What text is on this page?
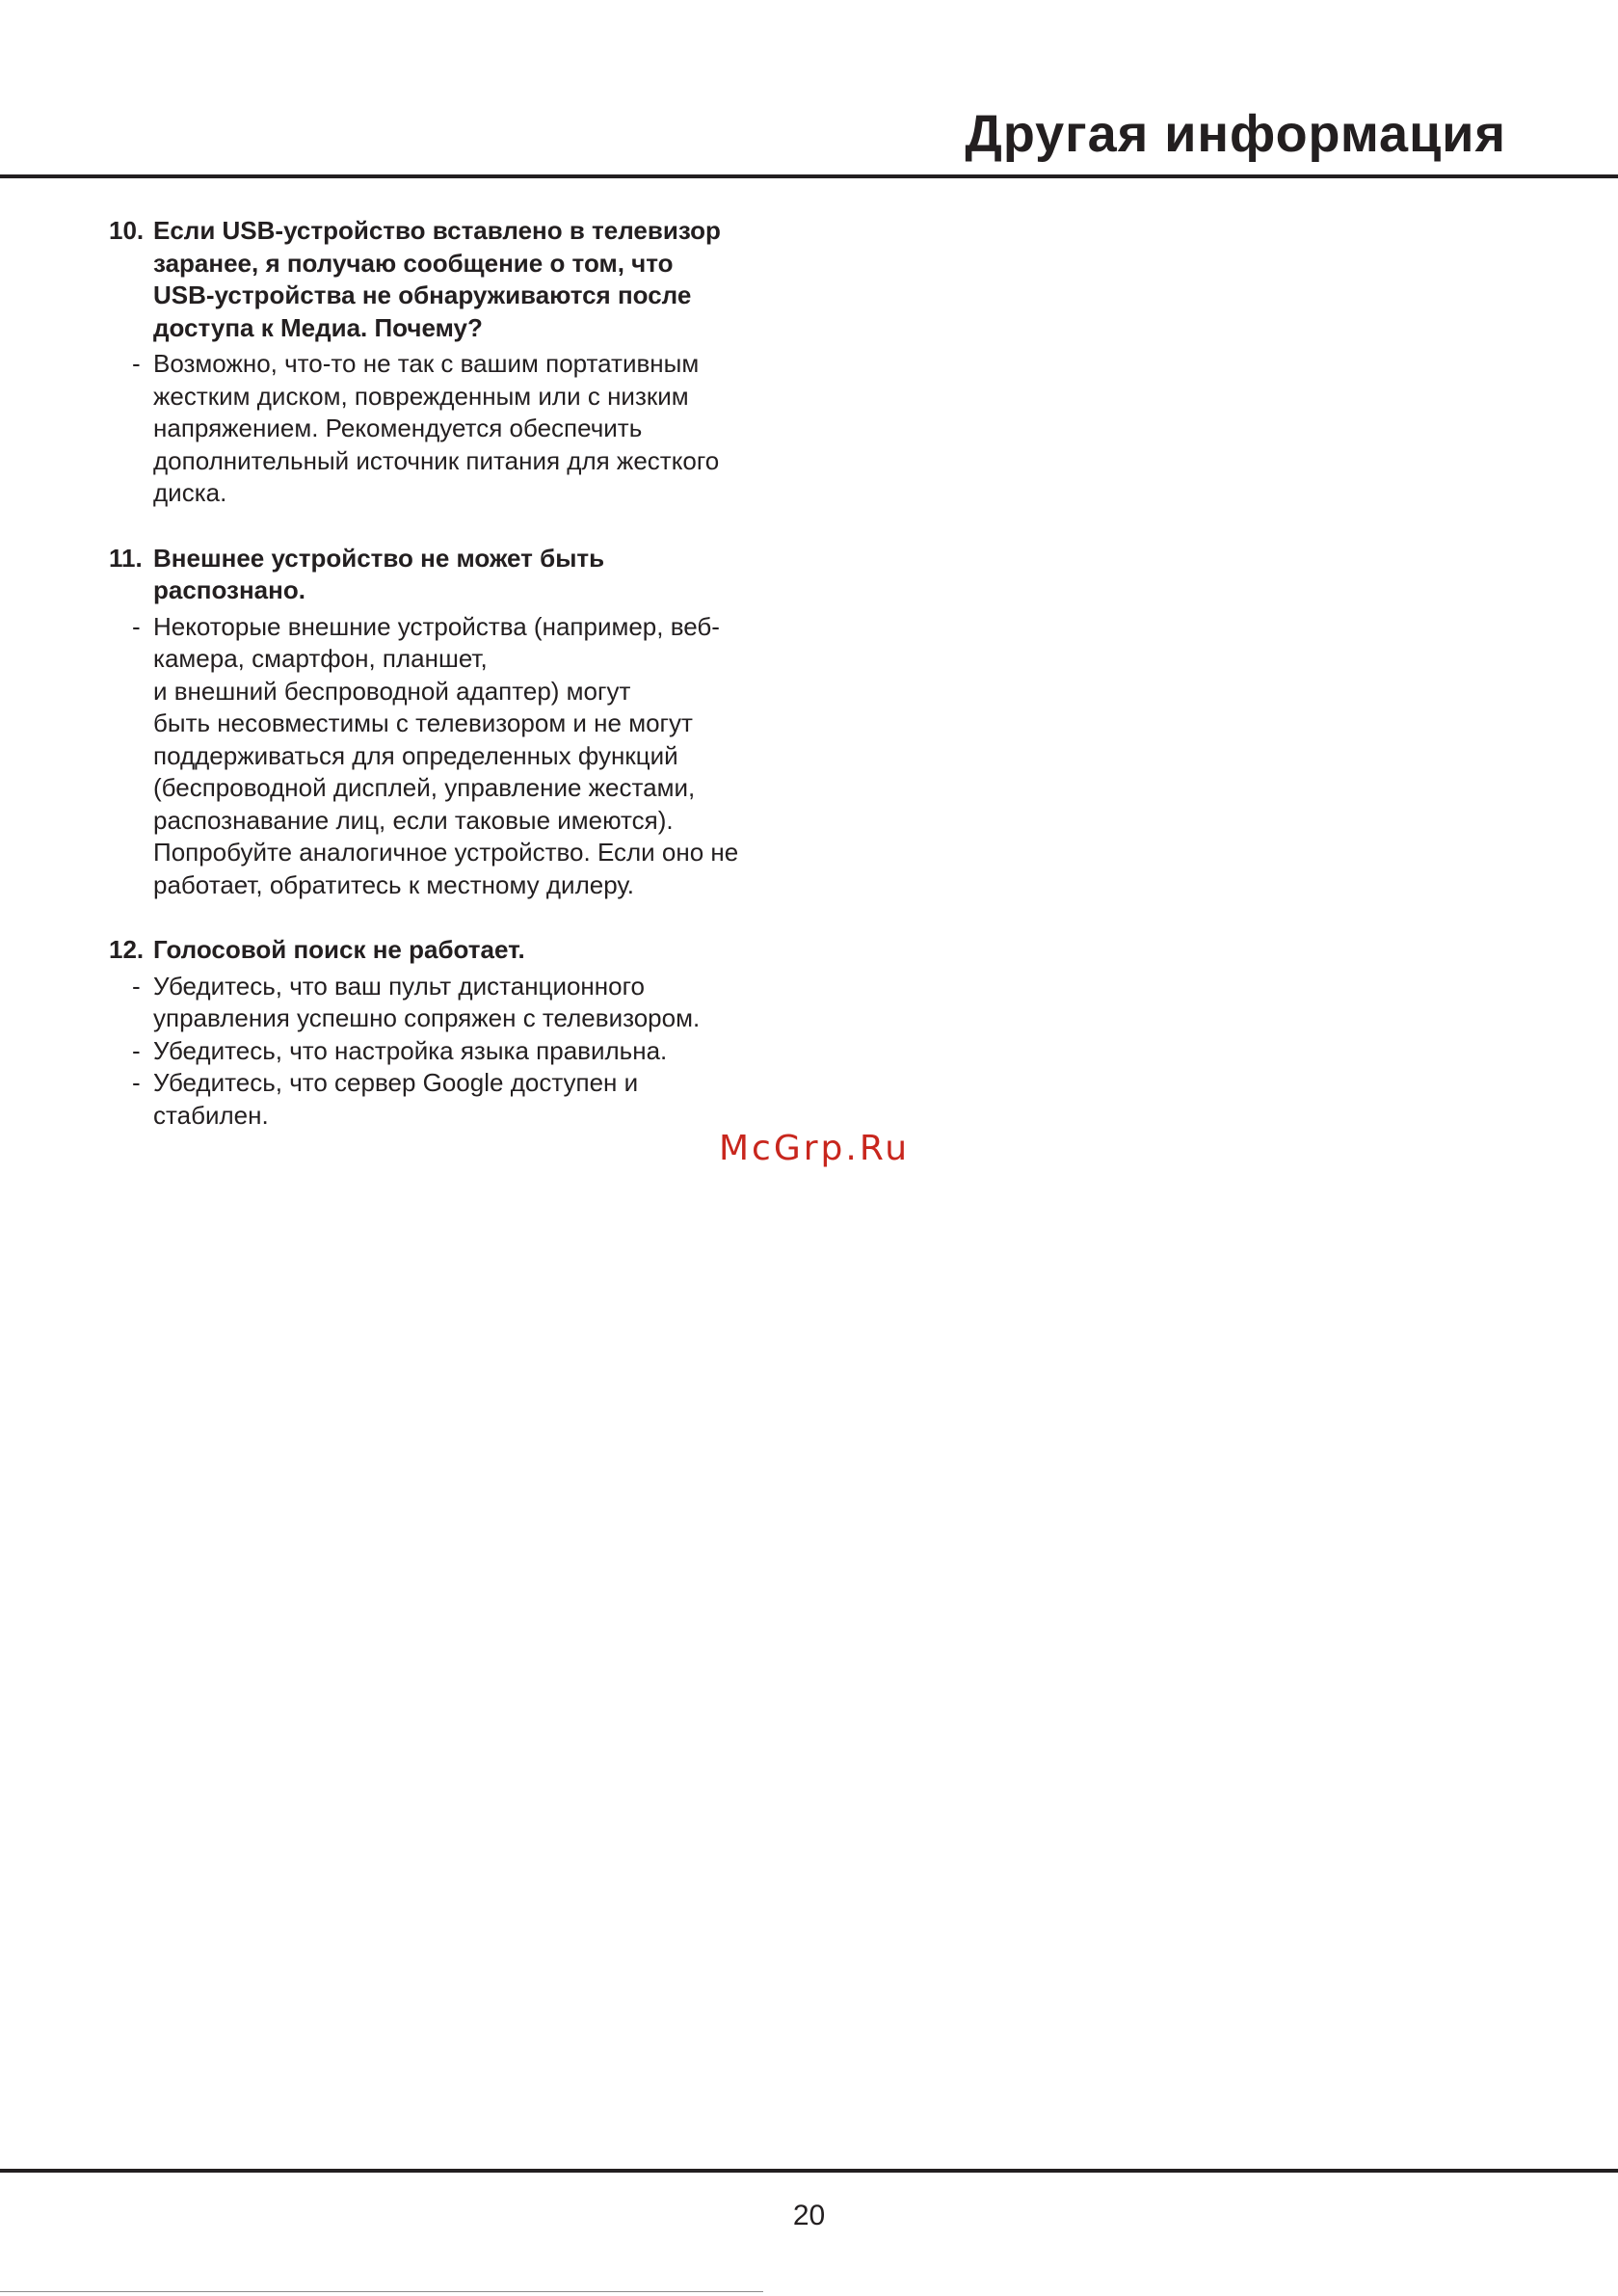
Другая информация
10. Если USB-устройство вставлено в телевизор
заранее, я получаю сообщение о том, что
USB-устройства не обнаруживаются после
доступа к Медиа. Почему?
- Возможно, что-то не так с вашим портативным
жестким диском, поврежденным или с низким
напряжением. Рекомендуется обеспечить
дополнительный источник питания для жесткого
диска.
11. Внешнее устройство не может быть
распознано.
- Некоторые внешние устройства (например, веб-
камера, смартфон, планшет,
и внешний беспроводной адаптер) могут
быть несовместимы с телевизором и не могут
поддерживаться для определенных функций
(беспроводной дисплей, управление жестами,
распознавание лиц, если таковые имеются).
Попробуйте аналогичное устройство. Если оно не
работает, обратитесь к местному дилеру.
12. Голосовой поиск не работает.
- Убедитесь, что ваш пульт дистанционного
управления успешно сопряжен с телевизором.
- Убедитесь, что настройка языка правильна.
- Убедитесь, что сервер Google доступен и
стабилен.
McGrp.Ru
20
